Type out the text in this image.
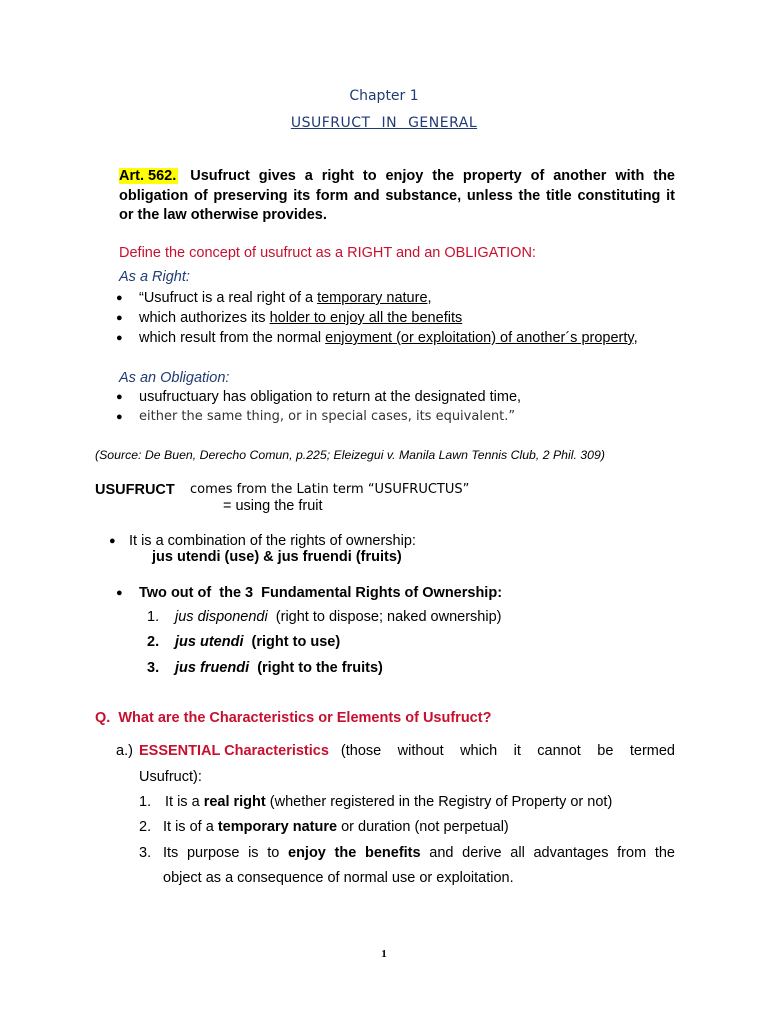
Chapter 1
USUFRUCT IN GENERAL
Art. 562. Usufruct gives a right to enjoy the property of another with the
obligation of preserving its form and substance, unless the title constituting it
or the law otherwise provides.
Define the concept of usufruct as a RIGHT and an OBLIGATION:
As a Right:
● “Usufruct is a real right of a temporary nature,
● which authorizes its holder to enjoy all the benefits
● which result from the normal enjoyment (or exploitation) of another´s property,
As an Obligation:
● usufructuary has obligation to return at the designated time,
● either the same thing, or in special cases, its equivalent.”
(Source: De Buen, Derecho Comun, p.225; Eleizegui v. Manila Lawn Tennis Club, 2 Phil. 309)
USUFRUCT comes from the Latin term “USUFRUCTUS”
= using the fruit
● It is a combination of the rights of ownership:
jus utendi (use) & jus fruendi (fruits)
● Two out of  the 3  Fundamental Rights of Ownership:
1. jus disponendi (right to dispose; naked ownership)
2. jus utendi (right to use)
3. jus fruendi (right to the fruits)
Q.  What are the Characteristics or Elements of Usufruct?
a.) ESSENTIAL Characteristics (those without which it cannot be termed
Usufruct):
1. It is a real right (whether registered in the Registry of Property or not)
2. It is of a temporary nature or duration (not perpetual)
3. Its purpose is to enjoy the benefits and derive all advantages from the
object as a consequence of normal use or exploitation.
1
